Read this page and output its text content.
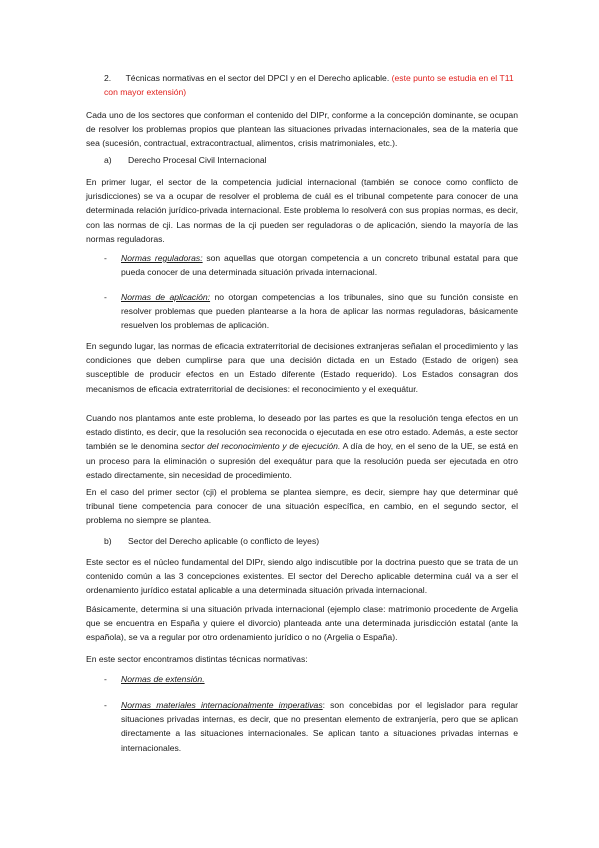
2. Técnicas normativas en el sector del DPCI y en el Derecho aplicable. (este punto se estudia en el T11 con mayor extensión)

Cada uno de los sectores que conforman el contenido del DIPr, conforme a la concepción dominante, se ocupan de resolver los problemas propios que plantean las situaciones privadas internacionales, sea de la materia que sea (sucesión, contractual, extracontractual, alimentos, crisis matrimoniales, etc.).

a) Derecho Procesal Civil Internacional

En primer lugar, el sector de la competencia judicial internacional (también se conoce como conflicto de jurisdicciones) se va a ocupar de resolver el problema de cuál es el tribunal competente para conocer de una determinada relación jurídico-privada internacional. Este problema lo resolverá con sus propias normas, es decir, con las normas de cji. Las normas de la cji pueden ser reguladoras o de aplicación, siendo la mayoría de las normas reguladoras.

- Normas reguladoras: son aquellas que otorgan competencia a un concreto tribunal estatal para que pueda conocer de una determinada situación privada internacional.

- Normas de aplicación: no otorgan competencias a los tribunales, sino que su función consiste en resolver problemas que pueden plantearse a la hora de aplicar las normas reguladoras, básicamente resuelven los problemas de aplicación.

En segundo lugar, las normas de eficacia extraterritorial de decisiones extranjeras señalan el procedimiento y las condiciones que deben cumplirse para que una decisión dictada en un Estado (Estado de origen) sea susceptible de producir efectos en un Estado diferente (Estado requerido). Los Estados consagran dos mecanismos de eficacia extraterritorial de decisiones: el reconocimiento y el exequátur.

Cuando nos plantamos ante este problema, lo deseado por las partes es que la resolución tenga efectos en un estado distinto, es decir, que la resolución sea reconocida o ejecutada en ese otro estado. Además, a este sector también se le denomina sector del reconocimiento y de ejecución. A día de hoy, en el seno de la UE, se está en un proceso para la eliminación o supresión del exequátur para que la resolución pueda ser ejecutada en otro estado directamente, sin necesidad de procedimiento.

En el caso del primer sector (cji) el problema se plantea siempre, es decir, siempre hay que determinar qué tribunal tiene competencia para conocer de una situación específica, en cambio, en el segundo sector, el problema no siempre se plantea.

b) Sector del Derecho aplicable (o conflicto de leyes)

Este sector es el núcleo fundamental del DIPr, siendo algo indiscutible por la doctrina puesto que se trata de un contenido común a las 3 concepciones existentes. El sector del Derecho aplicable determina cuál va a ser el ordenamiento jurídico estatal aplicable a una determinada situación privada internacional.

Básicamente, determina si una situación privada internacional (ejemplo clase: matrimonio procedente de Argelia que se encuentra en España y quiere el divorcio) planteada ante una determinada jurisdicción estatal (ante la española), se va a regular por otro ordenamiento jurídico o no (Argelia o España).

En este sector encontramos distintas técnicas normativas:

- Normas de extensión.

- Normas materiales internacionalmente imperativas: son concebidas por el legislador para regular situaciones privadas internas, es decir, que no presentan elemento de extranjería, pero que se aplican directamente a las situaciones internacionales. Se aplican tanto a situaciones privadas internas e internacionales.
